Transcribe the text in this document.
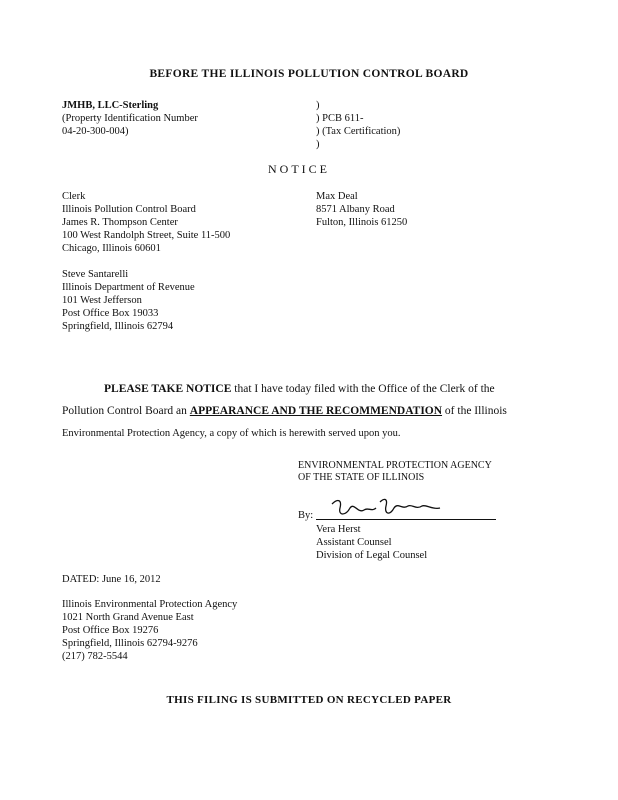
BEFORE THE ILLINOIS POLLUTION CONTROL BOARD
JMHB, LLC-Sterling
(Property Identification Number
04-20-300-004)
)
) PCB 611-
) (Tax Certification)
)
NOTICE
Clerk
Illinois Pollution Control Board
James R. Thompson Center
100 West Randolph Street, Suite 11-500
Chicago, Illinois 60601
Max Deal
8571 Albany Road
Fulton, Illinois 61250
Steve Santarelli
Illinois Department of Revenue
101 West Jefferson
Post Office Box 19033
Springfield, Illinois 62794
PLEASE TAKE NOTICE that I have today filed with the Office of the Clerk of the
Pollution Control Board an APPEARANCE AND THE RECOMMENDATION of the Illinois
Environmental Protection Agency, a copy of which is herewith served upon you.
ENVIRONMENTAL PROTECTION AGENCY
OF THE STATE OF ILLINOIS
By:
Vera Herst
Assistant Counsel
Division of Legal Counsel
DATED: June 16, 2012
Illinois Environmental Protection Agency
1021 North Grand Avenue East
Post Office Box 19276
Springfield, Illinois 62794-9276
(217) 782-5544
THIS FILING IS SUBMITTED ON RECYCLED PAPER
